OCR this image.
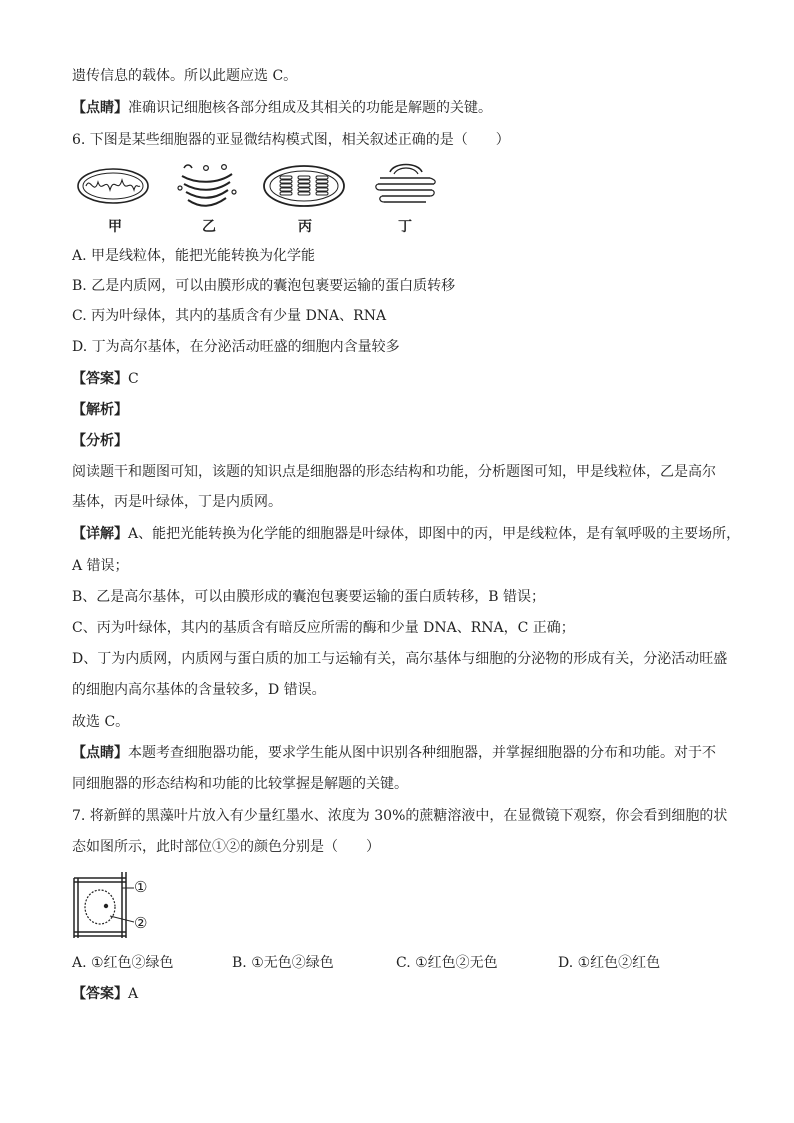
遗传信息的载体。所以此题应选 C。
【点睛】准确识记细胞核各部分组成及其相关的功能是解题的关键。
6. 下图是某些细胞器的亚显微结构模式图，相关叙述正确的是（　　）
甲	乙	丙	丁
A. 甲是线粒体，能把光能转换为化学能
B. 乙是内质网，可以由膜形成的囊泡包裹要运输的蛋白质转移
C. 丙为叶绿体，其内的基质含有少量 DNA、RNA
D. 丁为高尔基体，在分泌活动旺盛的细胞内含量较多
【答案】C
【解析】
【分析】
阅读题干和题图可知，该题的知识点是细胞器的形态结构和功能，分析题图可知，甲是线粒体，乙是高尔
基体，丙是叶绿体，丁是内质网。
【详解】A、能把光能转换为化学能的细胞器是叶绿体，即图中的丙，甲是线粒体，是有氧呼吸的主要场所，
A 错误；
B、乙是高尔基体，可以由膜形成的囊泡包裹要运输的蛋白质转移，B 错误；
C、丙为叶绿体，其内的基质含有暗反应所需的酶和少量 DNA、RNA，C 正确；
D、丁为内质网，内质网与蛋白质的加工与运输有关，高尔基体与细胞的分泌物的形成有关，分泌活动旺盛
的细胞内高尔基体的含量较多，D 错误。
故选 C。
【点睛】本题考查细胞器功能，要求学生能从图中识别各种细胞器，并掌握细胞器的分布和功能。对于不
同细胞器的形态结构和功能的比较掌握是解题的关键。
7. 将新鲜的黑藻叶片放入有少量红墨水、浓度为 30%的蔗糖溶液中，在显微镜下观察，你会看到细胞的状
态如图所示，此时部位①②的颜色分别是（　　）
①
②
A. ①红色②绿色	B. ①无色②绿色	C. ①红色②无色	D. ①红色②红色
【答案】A
